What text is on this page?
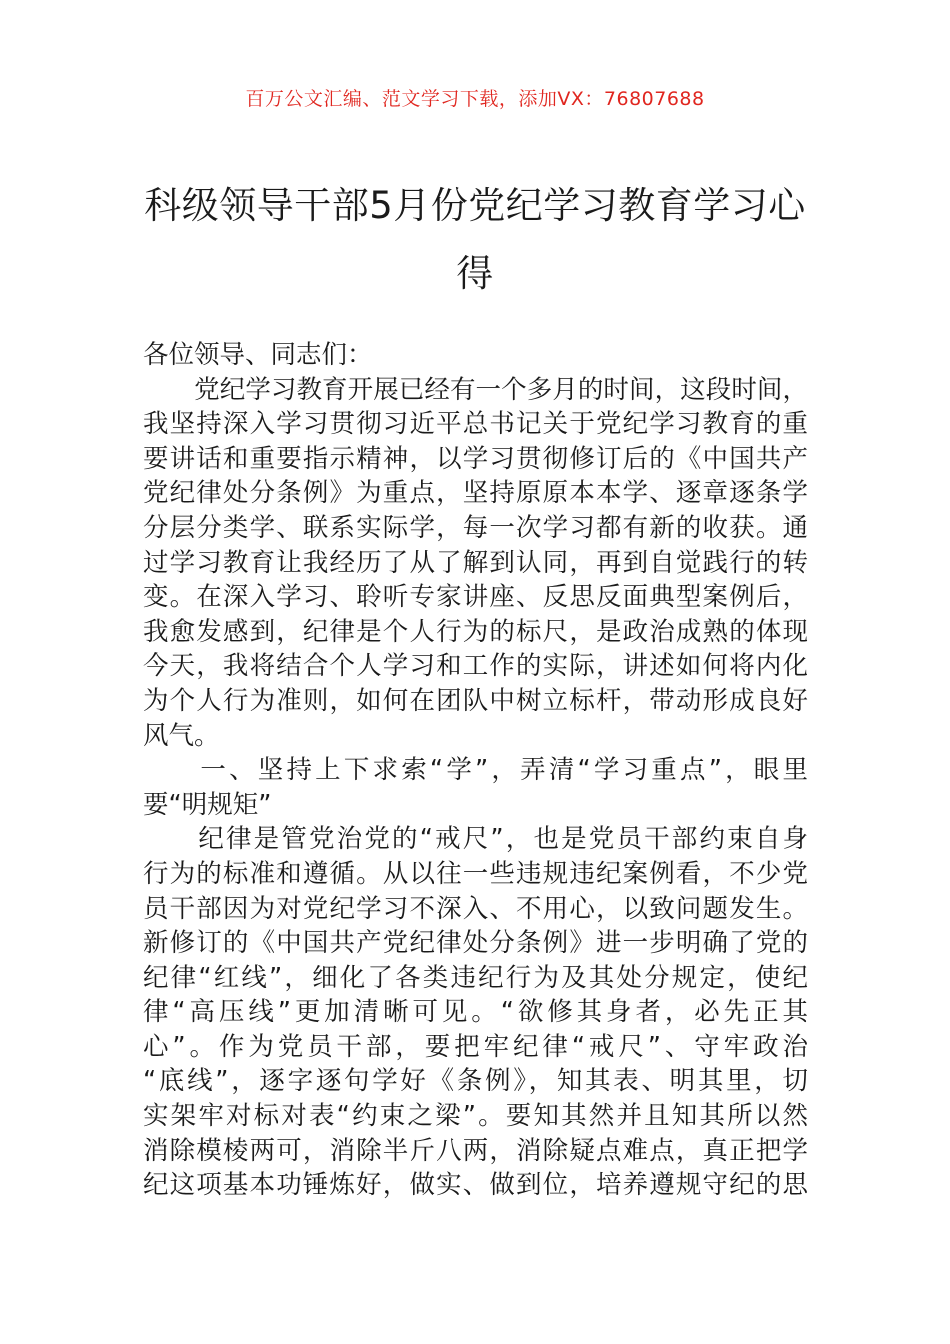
百万公文汇编、范文学习下载，添加VX：76807688
科级领导干部5月份党纪学习教育学习心
得
各位领导、同志们：
　　党纪学习教育开展已经有一个多月的时间，这段时间，
我坚持深入学习贯彻习近平总书记关于党纪学习教育的重
要讲话和重要指示精神，以学习贯彻修订后的《中国共产
党纪律处分条例》为重点，坚持原原本本学、逐章逐条学
分层分类学、联系实际学，每一次学习都有新的收获。通
过学习教育让我经历了从了解到认同，再到自觉践行的转
变。在深入学习、聆听专家讲座、反思反面典型案例后，
我愈发感到，纪律是个人行为的标尺，是政治成熟的体现
今天，我将结合个人学习和工作的实际，讲述如何将内化
为个人行为准则，如何在团队中树立标杆，带动形成良好
风气。
　　一、坚持上下求索“学”，弄清“学习重点”，眼里
要“明规矩”
　　纪律是管党治党的“戒尺”，也是党员干部约束自身
行为的标准和遵循。从以往一些违规违纪案例看，不少党
员干部因为对党纪学习不深入、不用心，以致问题发生。
新修订的《中国共产党纪律处分条例》进一步明确了党的
纪律“红线”，细化了各类违纪行为及其处分规定，使纪
律“高压线”更加清晰可见。“欲修其身者，必先正其
心”。作为党员干部，要把牢纪律“戒尺”、守牢政治
“底线”，逐字逐句学好《条例》，知其表、明其里，切
实架牢对标对表“约束之梁”。要知其然并且知其所以然
消除模棱两可，消除半斤八两，消除疑点难点，真正把学
纪这项基本功锤炼好，做实、做到位，培养遵规守纪的思
